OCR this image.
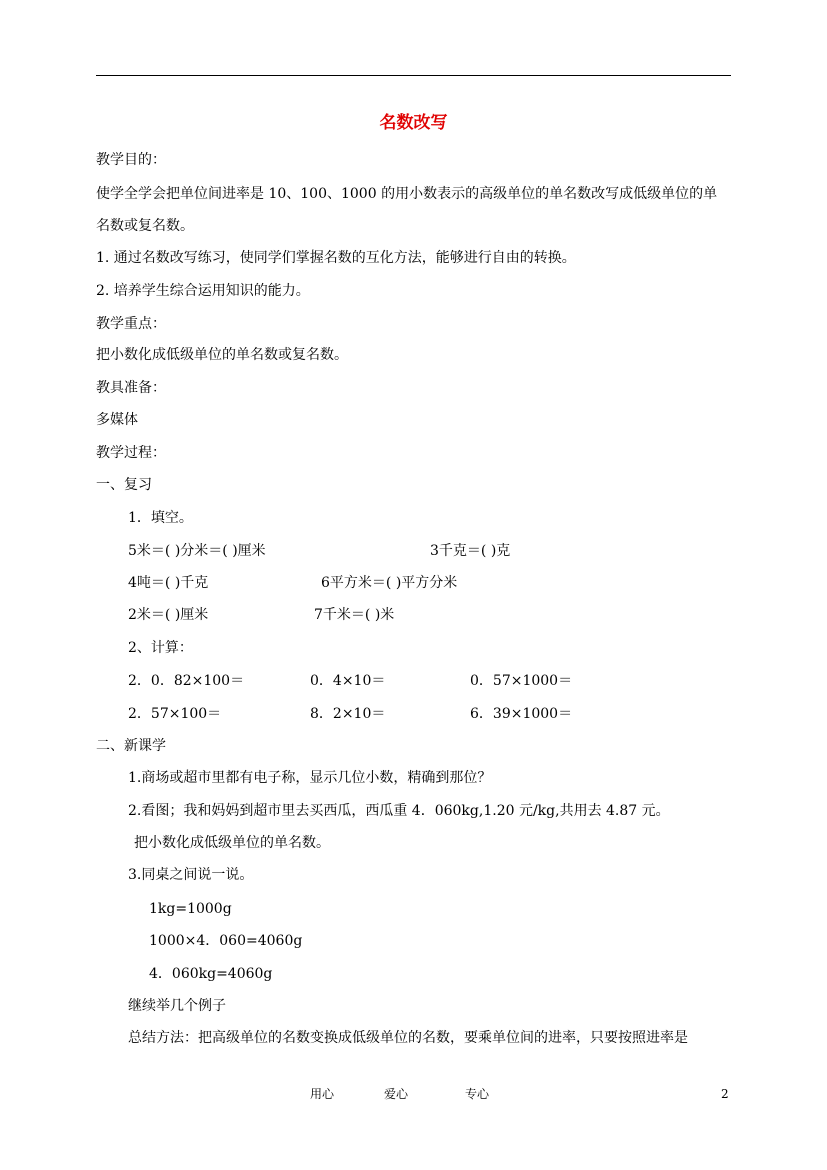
名数改写
教学目的：
使学全学会把单位间进率是 10、100、1000 的用小数表示的高级单位的单名数改写成低级单位的单
名数或复名数。
1. 通过名数改写练习，使同学们掌握名数的互化方法，能够进行自由的转换。
2. 培养学生综合运用知识的能力。
教学重点：
把小数化成低级单位的单名数或复名数。
教具准备：
多媒体
教学过程：
一、复习
1．填空。
5米＝( )分米＝( )厘米	3千克＝( )克
4吨＝( )千克	6平方米＝( )平方分米
2米＝( )厘米	7千米＝( )米
2、计算：
2．0．82×100＝	0．4×10＝	0．57×1000＝
2．57×100＝	8．2×10＝	6．39×1000＝
二、新课学
1.商场或超市里都有电子称，显示几位小数，精确到那位？
2.看图；我和妈妈到超市里去买西瓜，西瓜重 4．060kg,1.20 元/kg,共用去 4.87 元。
把小数化成低级单位的单名数。
3.同桌之间说一说。
1kg=1000g
1000×4．060=4060g
4．060kg=4060g
继续举几个例子
总结方法：把高级单位的名数变换成低级单位的名数，要乘单位间的进率，只要按照进率是
用心	爱心	专心	2
